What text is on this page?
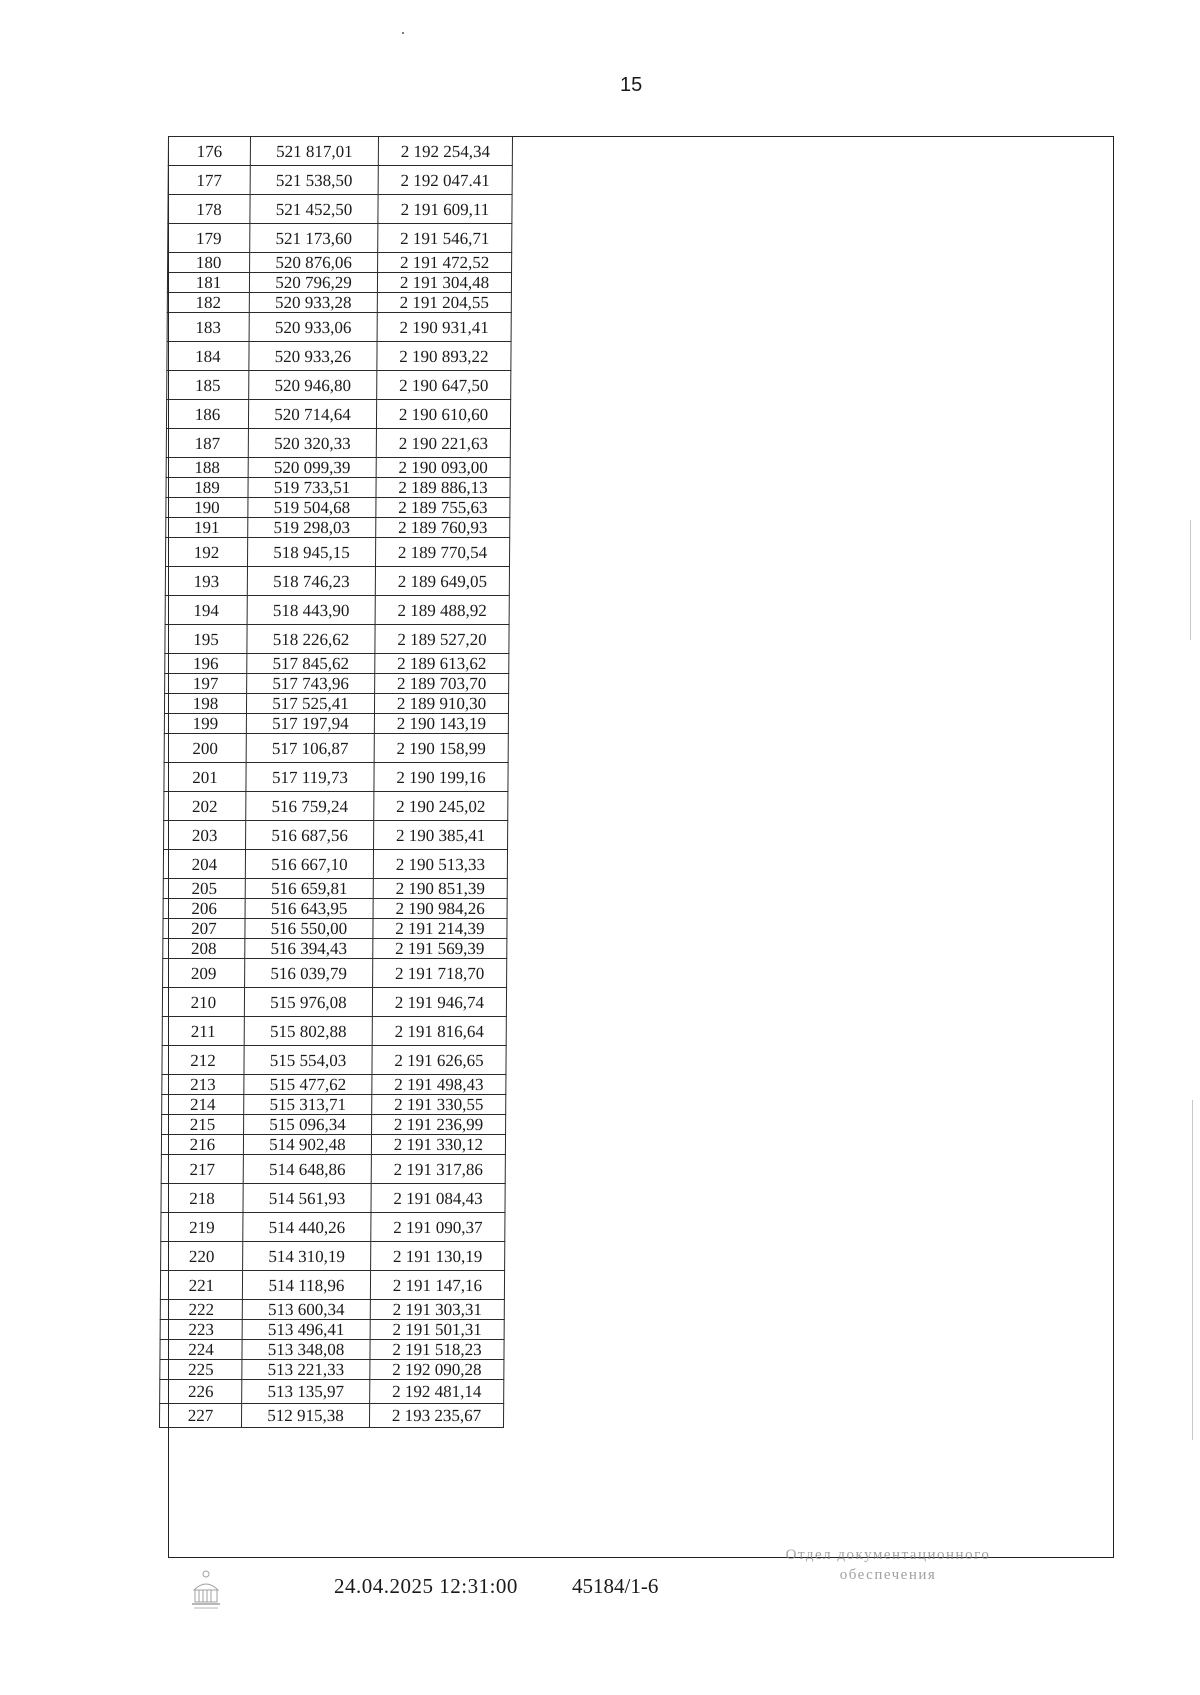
15
176	521 817,01	2 192 254,34
177	521 538,50	2 192 047.41
178	521 452,50	2 191 609,11
179	521 173,60	2 191 546,71
180	520 876,06	2 191 472,52
181	520 796,29	2 191 304,48
182	520 933,28	2 191 204,55
183	520 933,06	2 190 931,41
184	520 933,26	2 190 893,22
185	520 946,80	2 190 647,50
186	520 714,64	2 190 610,60
187	520 320,33	2 190 221,63
188	520 099,39	2 190 093,00
189	519 733,51	2 189 886,13
190	519 504,68	2 189 755,63
191	519 298,03	2 189 760,93
192	518 945,15	2 189 770,54
193	518 746,23	2 189 649,05
194	518 443,90	2 189 488,92
195	518 226,62	2 189 527,20
196	517 845,62	2 189 613,62
197	517 743,96	2 189 703,70
198	517 525,41	2 189 910,30
199	517 197,94	2 190 143,19
200	517 106,87	2 190 158,99
201	517 119,73	2 190 199,16
202	516 759,24	2 190 245,02
203	516 687,56	2 190 385,41
204	516 667,10	2 190 513,33
205	516 659,81	2 190 851,39
206	516 643,95	2 190 984,26
207	516 550,00	2 191 214,39
208	516 394,43	2 191 569,39
209	516 039,79	2 191 718,70
210	515 976,08	2 191 946,74
211	515 802,88	2 191 816,64
212	515 554,03	2 191 626,65
213	515 477,62	2 191 498,43
214	515 313,71	2 191 330,55
215	515 096,34	2 191 236,99
216	514 902,48	2 191 330,12
217	514 648,86	2 191 317,86
218	514 561,93	2 191 084,43
219	514 440,26	2 191 090,37
220	514 310,19	2 191 130,19
221	514 118,96	2 191 147,16
222	513 600,34	2 191 303,31
223	513 496,41	2 191 501,31
224	513 348,08	2 191 518,23
225	513 221,33	2 192 090,28
226	513 135,97	2 192 481,14
227	512 915,38	2 193 235,67
24.04.2025 12:31:00	45184/1-6
Отдел документационного
обеспечения
